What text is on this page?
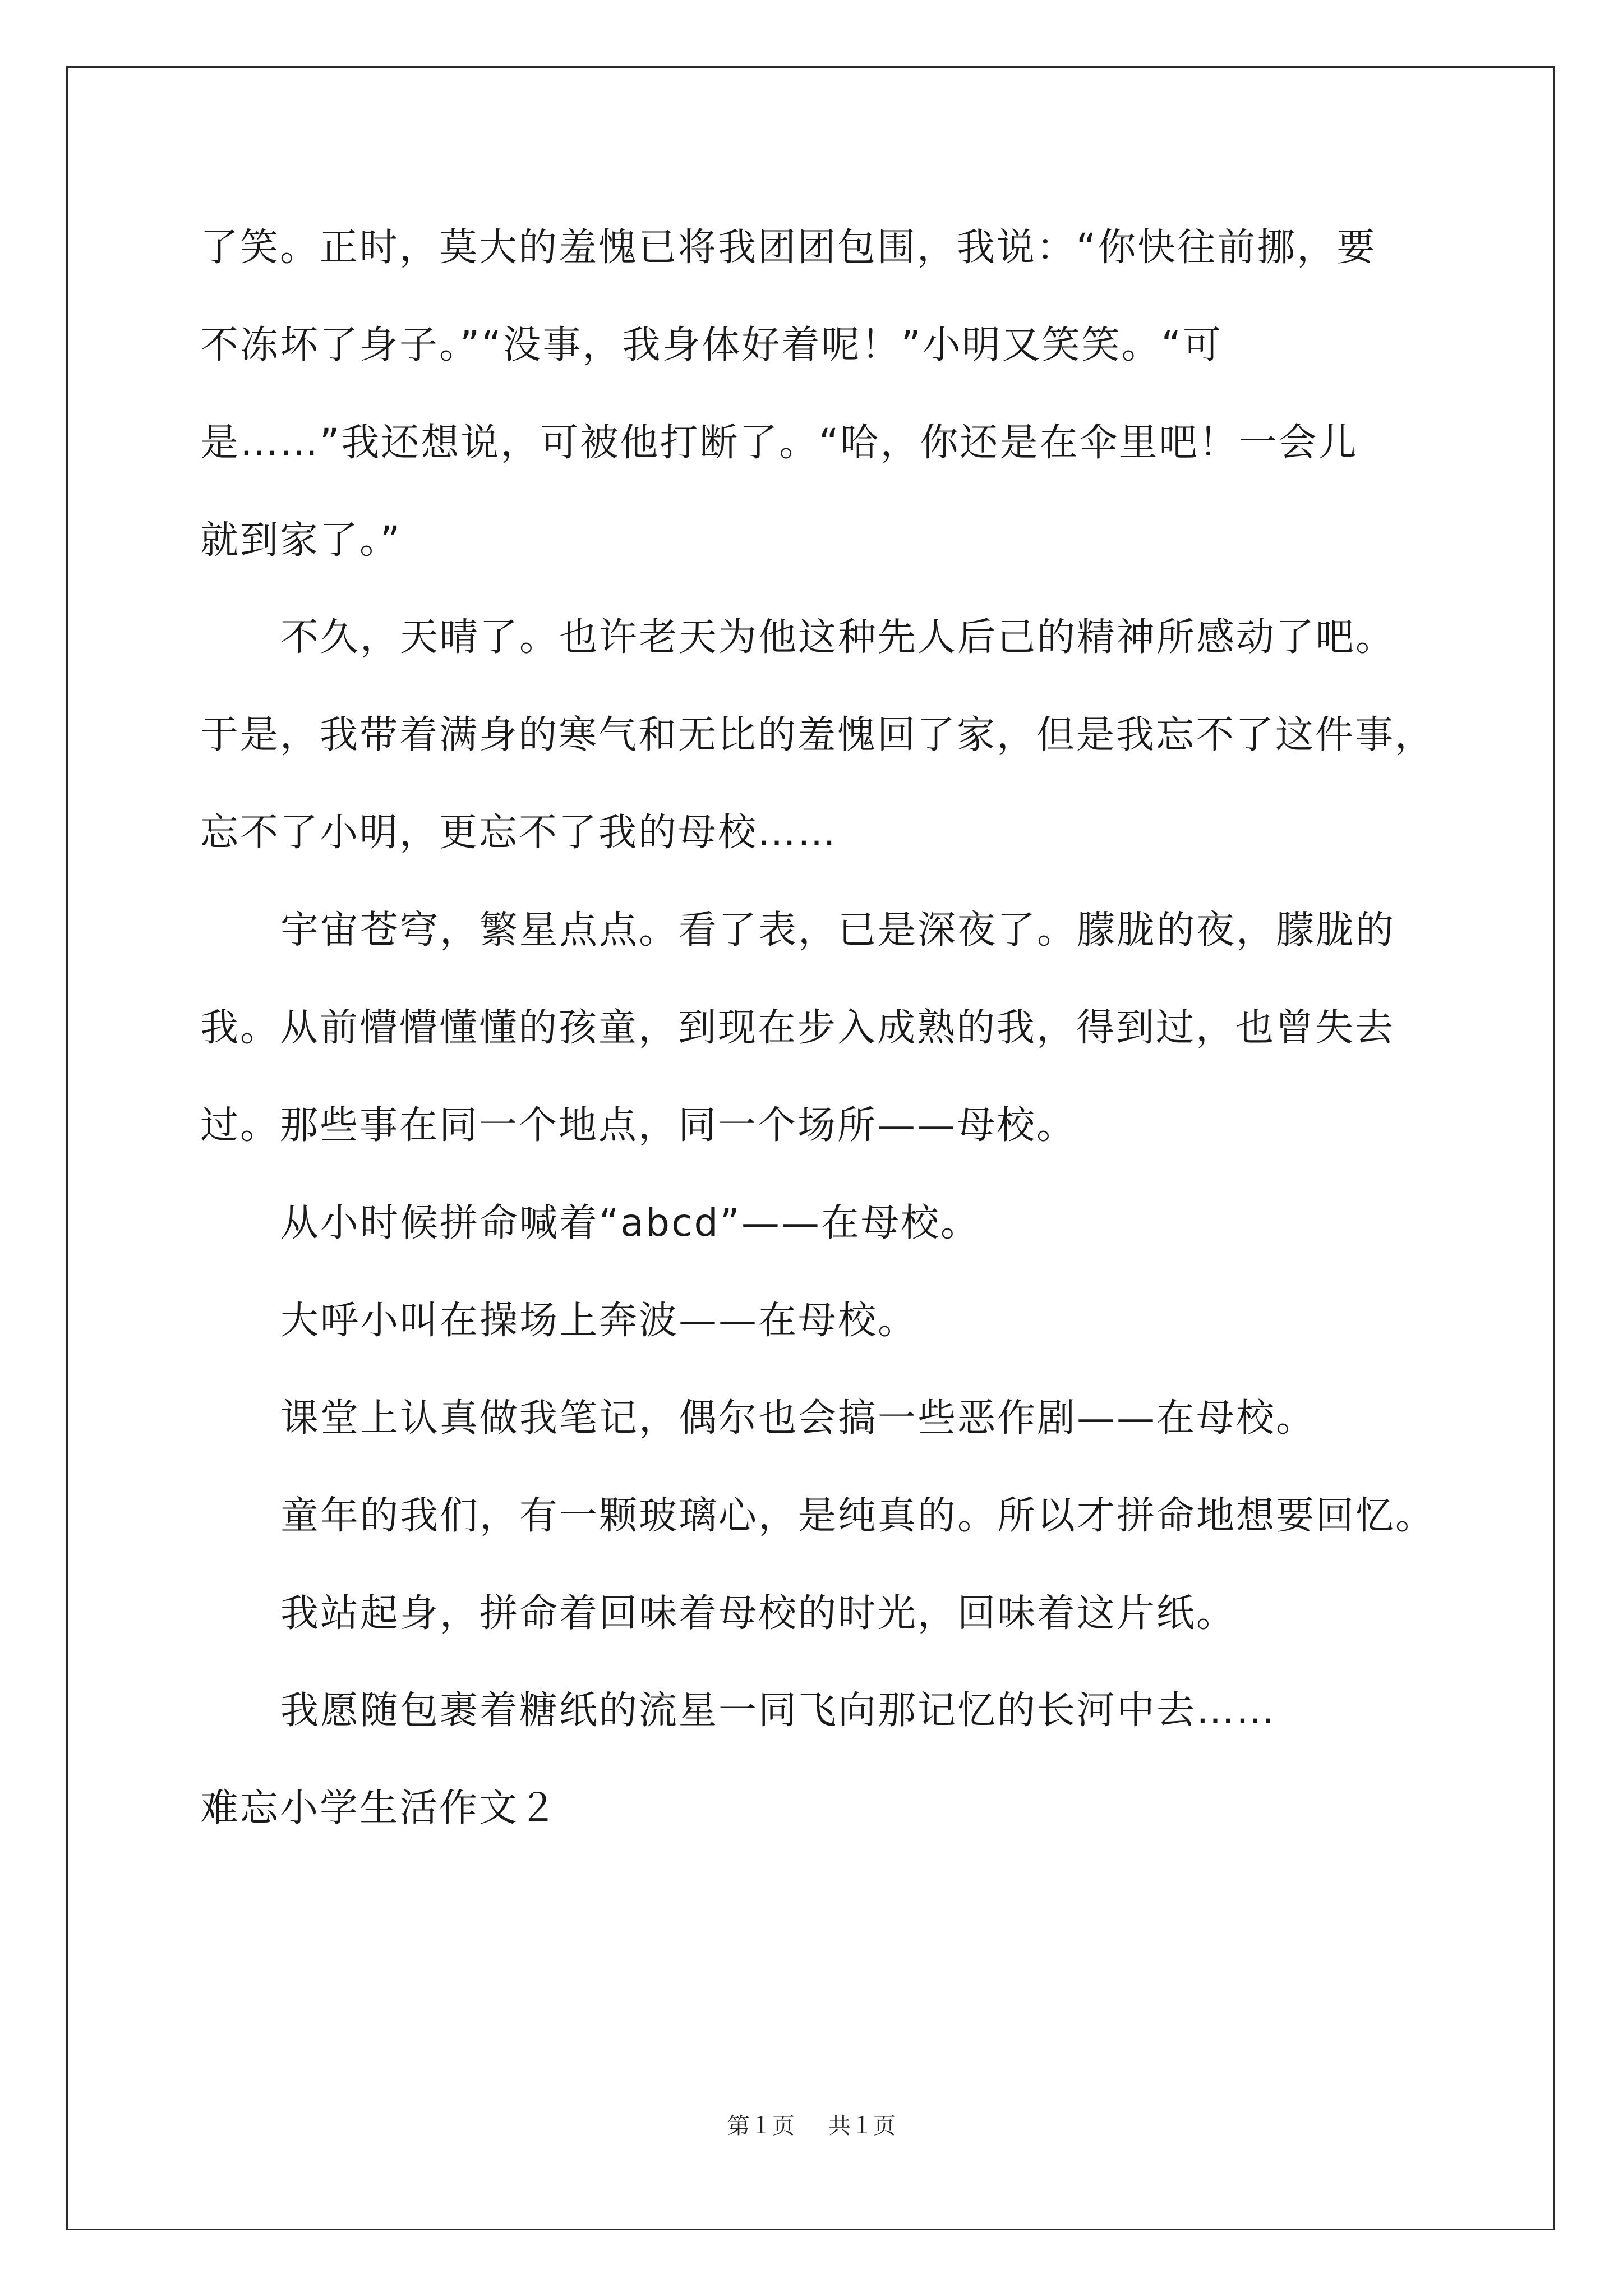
了笑。正时，莫大的羞愧已将我团团包围，我说：“你快往前挪，要
不冻坏了身子。”“没事，我身体好着呢！”小明又笑笑。“可
是……”我还想说，可被他打断了。“哈，你还是在伞里吧！一会儿
就到家了。”
不久，天晴了。也许老天为他这种先人后己的精神所感动了吧。
于是，我带着满身的寒气和无比的羞愧回了家，但是我忘不了这件事，
忘不了小明，更忘不了我的母校……
宇宙苍穹，繁星点点。看了表，已是深夜了。朦胧的夜，朦胧的
我。从前懵懵懂懂的孩童，到现在步入成熟的我，得到过，也曾失去
过。那些事在同一个地点，同一个场所——母校。
从小时候拼命喊着“abcd”——在母校。
大呼小叫在操场上奔波——在母校。
课堂上认真做我笔记，偶尔也会搞一些恶作剧——在母校。
童年的我们，有一颗玻璃心，是纯真的。所以才拼命地想要回忆。
我站起身，拼命着回味着母校的时光，回味着这片纸。
我愿随包裹着糖纸的流星一同飞向那记忆的长河中去……
难忘小学生活作文２
第１页 共１页
